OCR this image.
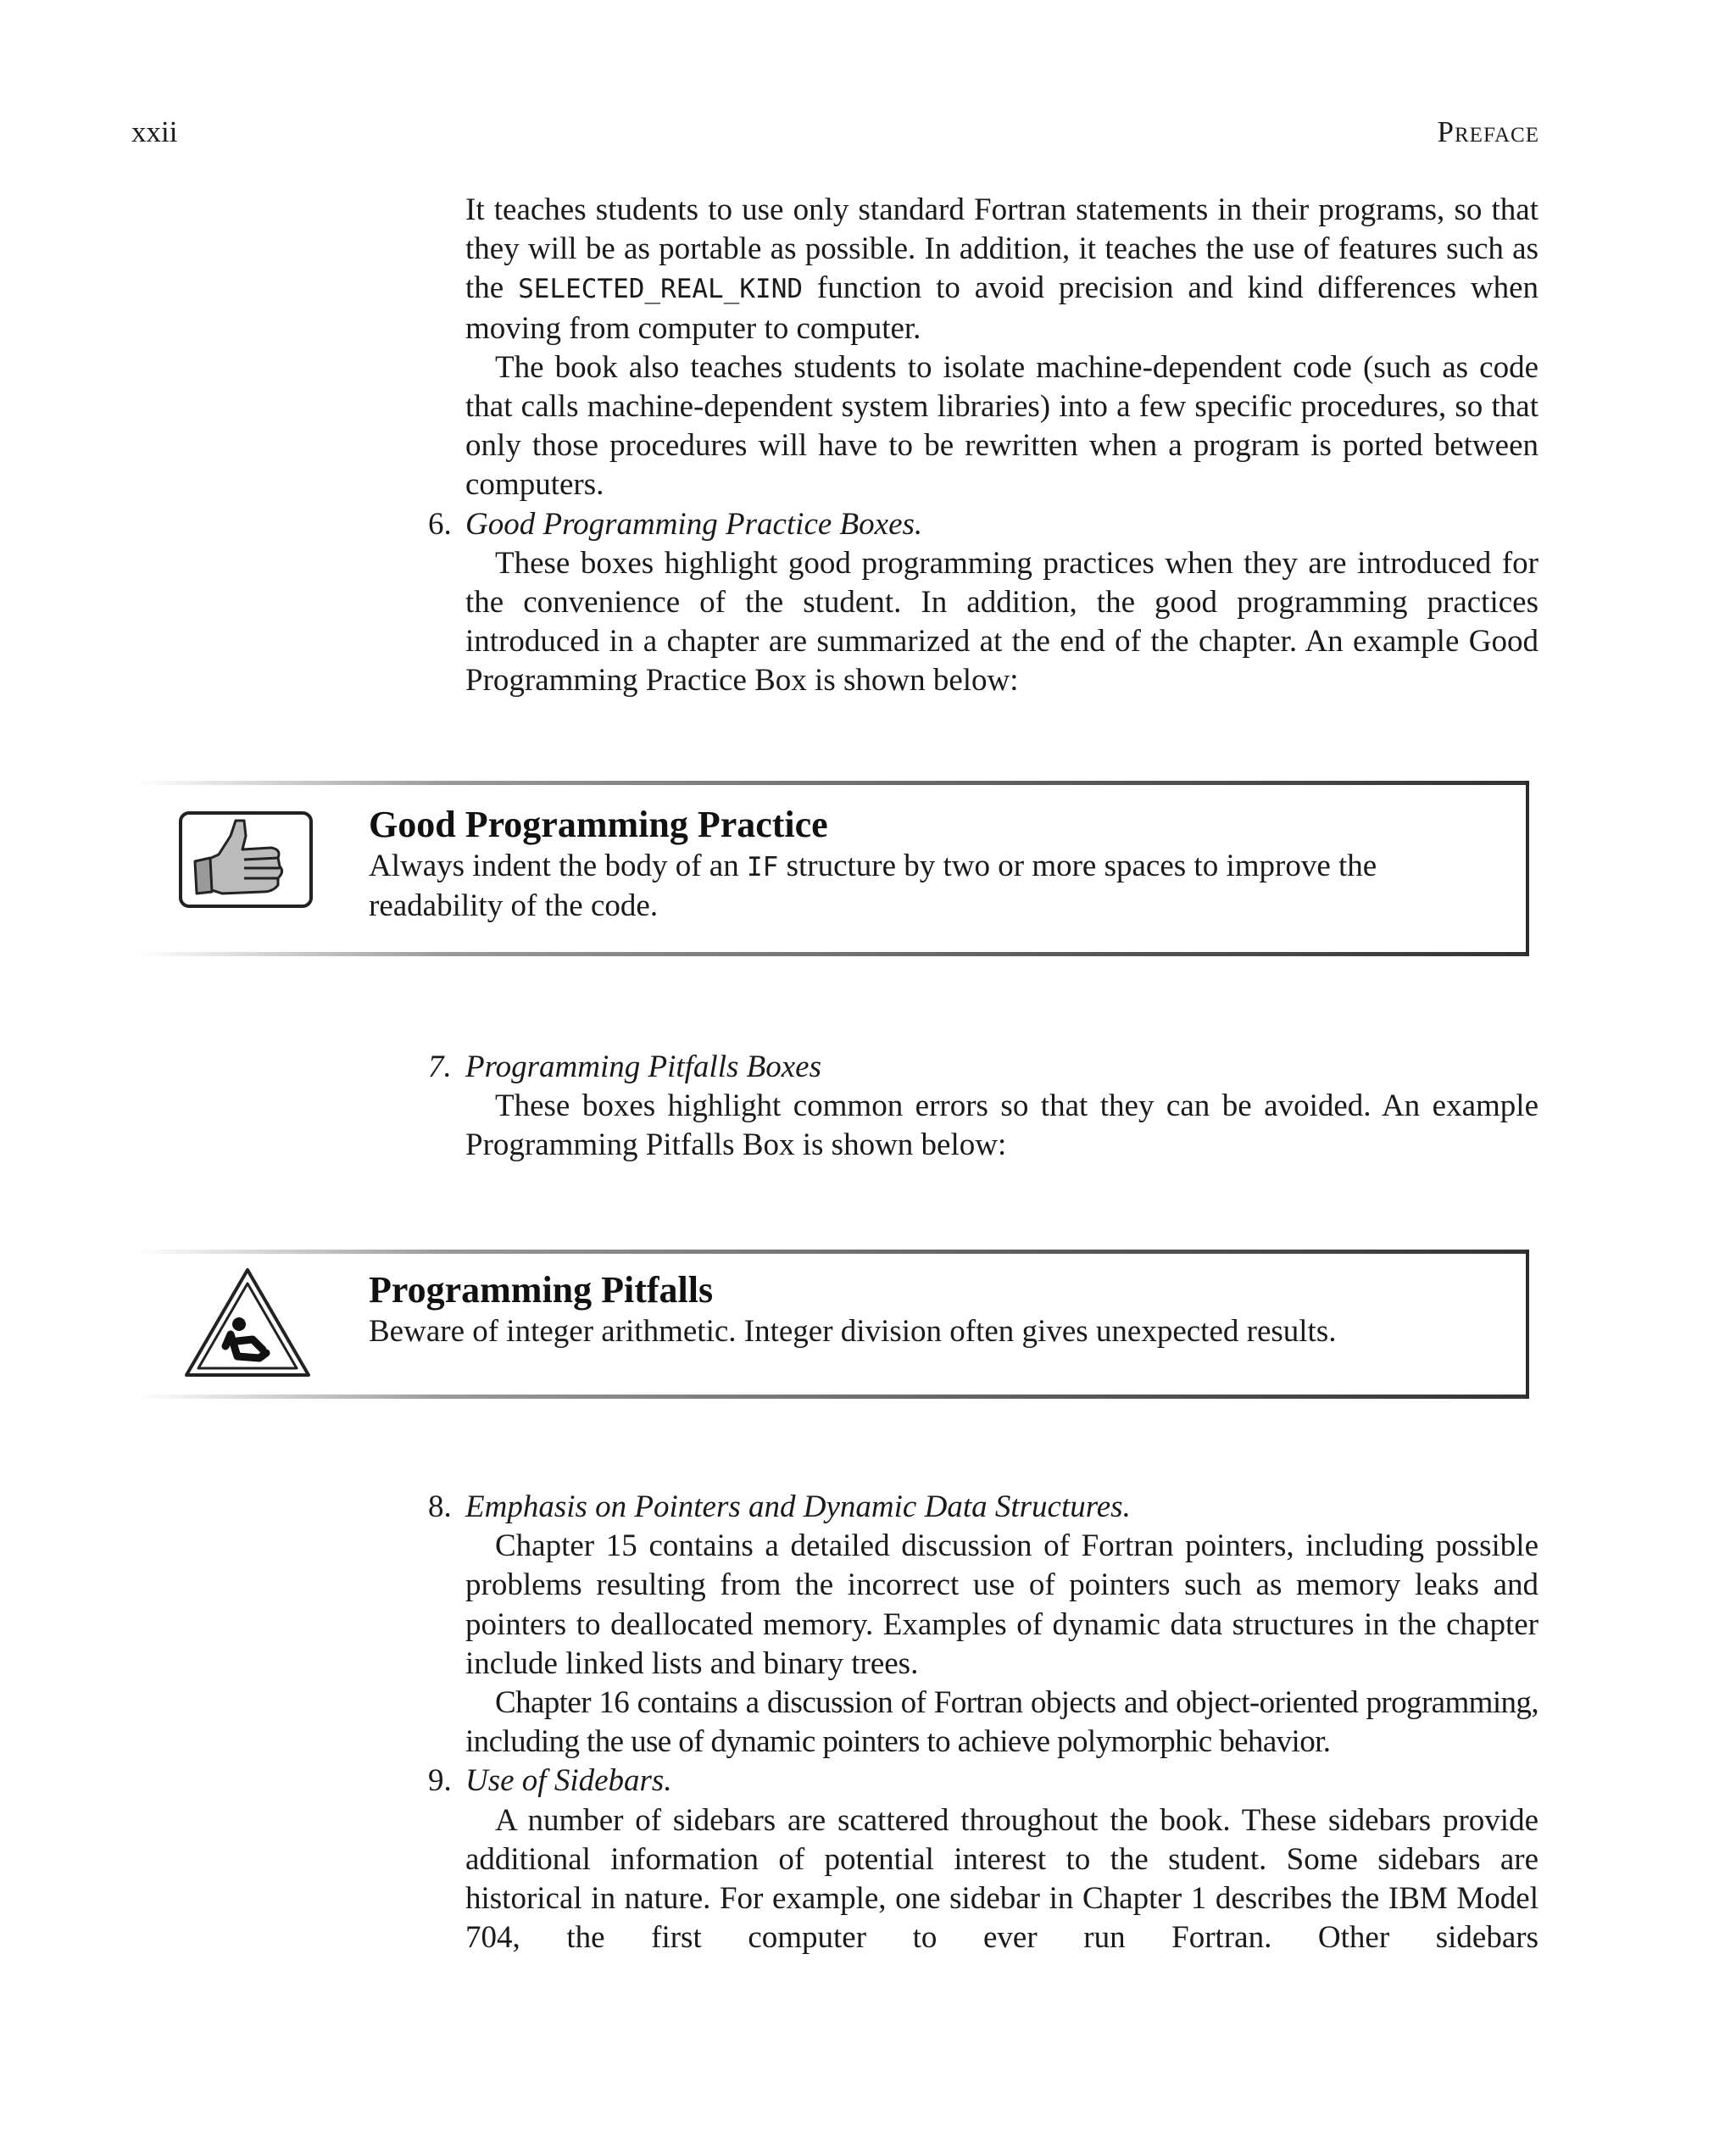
xxii	Preface

It teaches students to use only standard Fortran statements in their programs, so that they will be as portable as possible. In addition, it teaches the use of features such as the SELECTED_REAL_KIND function to avoid precision and kind differences when moving from computer to computer.

The book also teaches students to isolate machine-dependent code (such as code that calls machine-dependent system libraries) into a few specific procedures, so that only those procedures will have to be rewritten when a program is ported between computers.

6. Good Programming Practice Boxes.

These boxes highlight good programming practices when they are introduced for the convenience of the student. In addition, the good programming practices introduced in a chapter are summarized at the end of the chapter. An example Good Programming Practice Box is shown below:

Good Programming Practice
Always indent the body of an IF structure by two or more spaces to improve the readability of the code.

7. Programming Pitfalls Boxes

These boxes highlight common errors so that they can be avoided. An example Programming Pitfalls Box is shown below:

Programming Pitfalls
Beware of integer arithmetic. Integer division often gives unexpected results.

8. Emphasis on Pointers and Dynamic Data Structures.

Chapter 15 contains a detailed discussion of Fortran pointers, including possible problems resulting from the incorrect use of pointers such as memory leaks and pointers to deallocated memory. Examples of dynamic data structures in the chapter include linked lists and binary trees.

Chapter 16 contains a discussion of Fortran objects and object-oriented programming, including the use of dynamic pointers to achieve polymorphic behavior.

9. Use of Sidebars.

A number of sidebars are scattered throughout the book. These sidebars provide additional information of potential interest to the student. Some sidebars are historical in nature. For example, one sidebar in Chapter 1 describes the IBM Model 704, the first computer to ever run Fortran. Other sidebars
